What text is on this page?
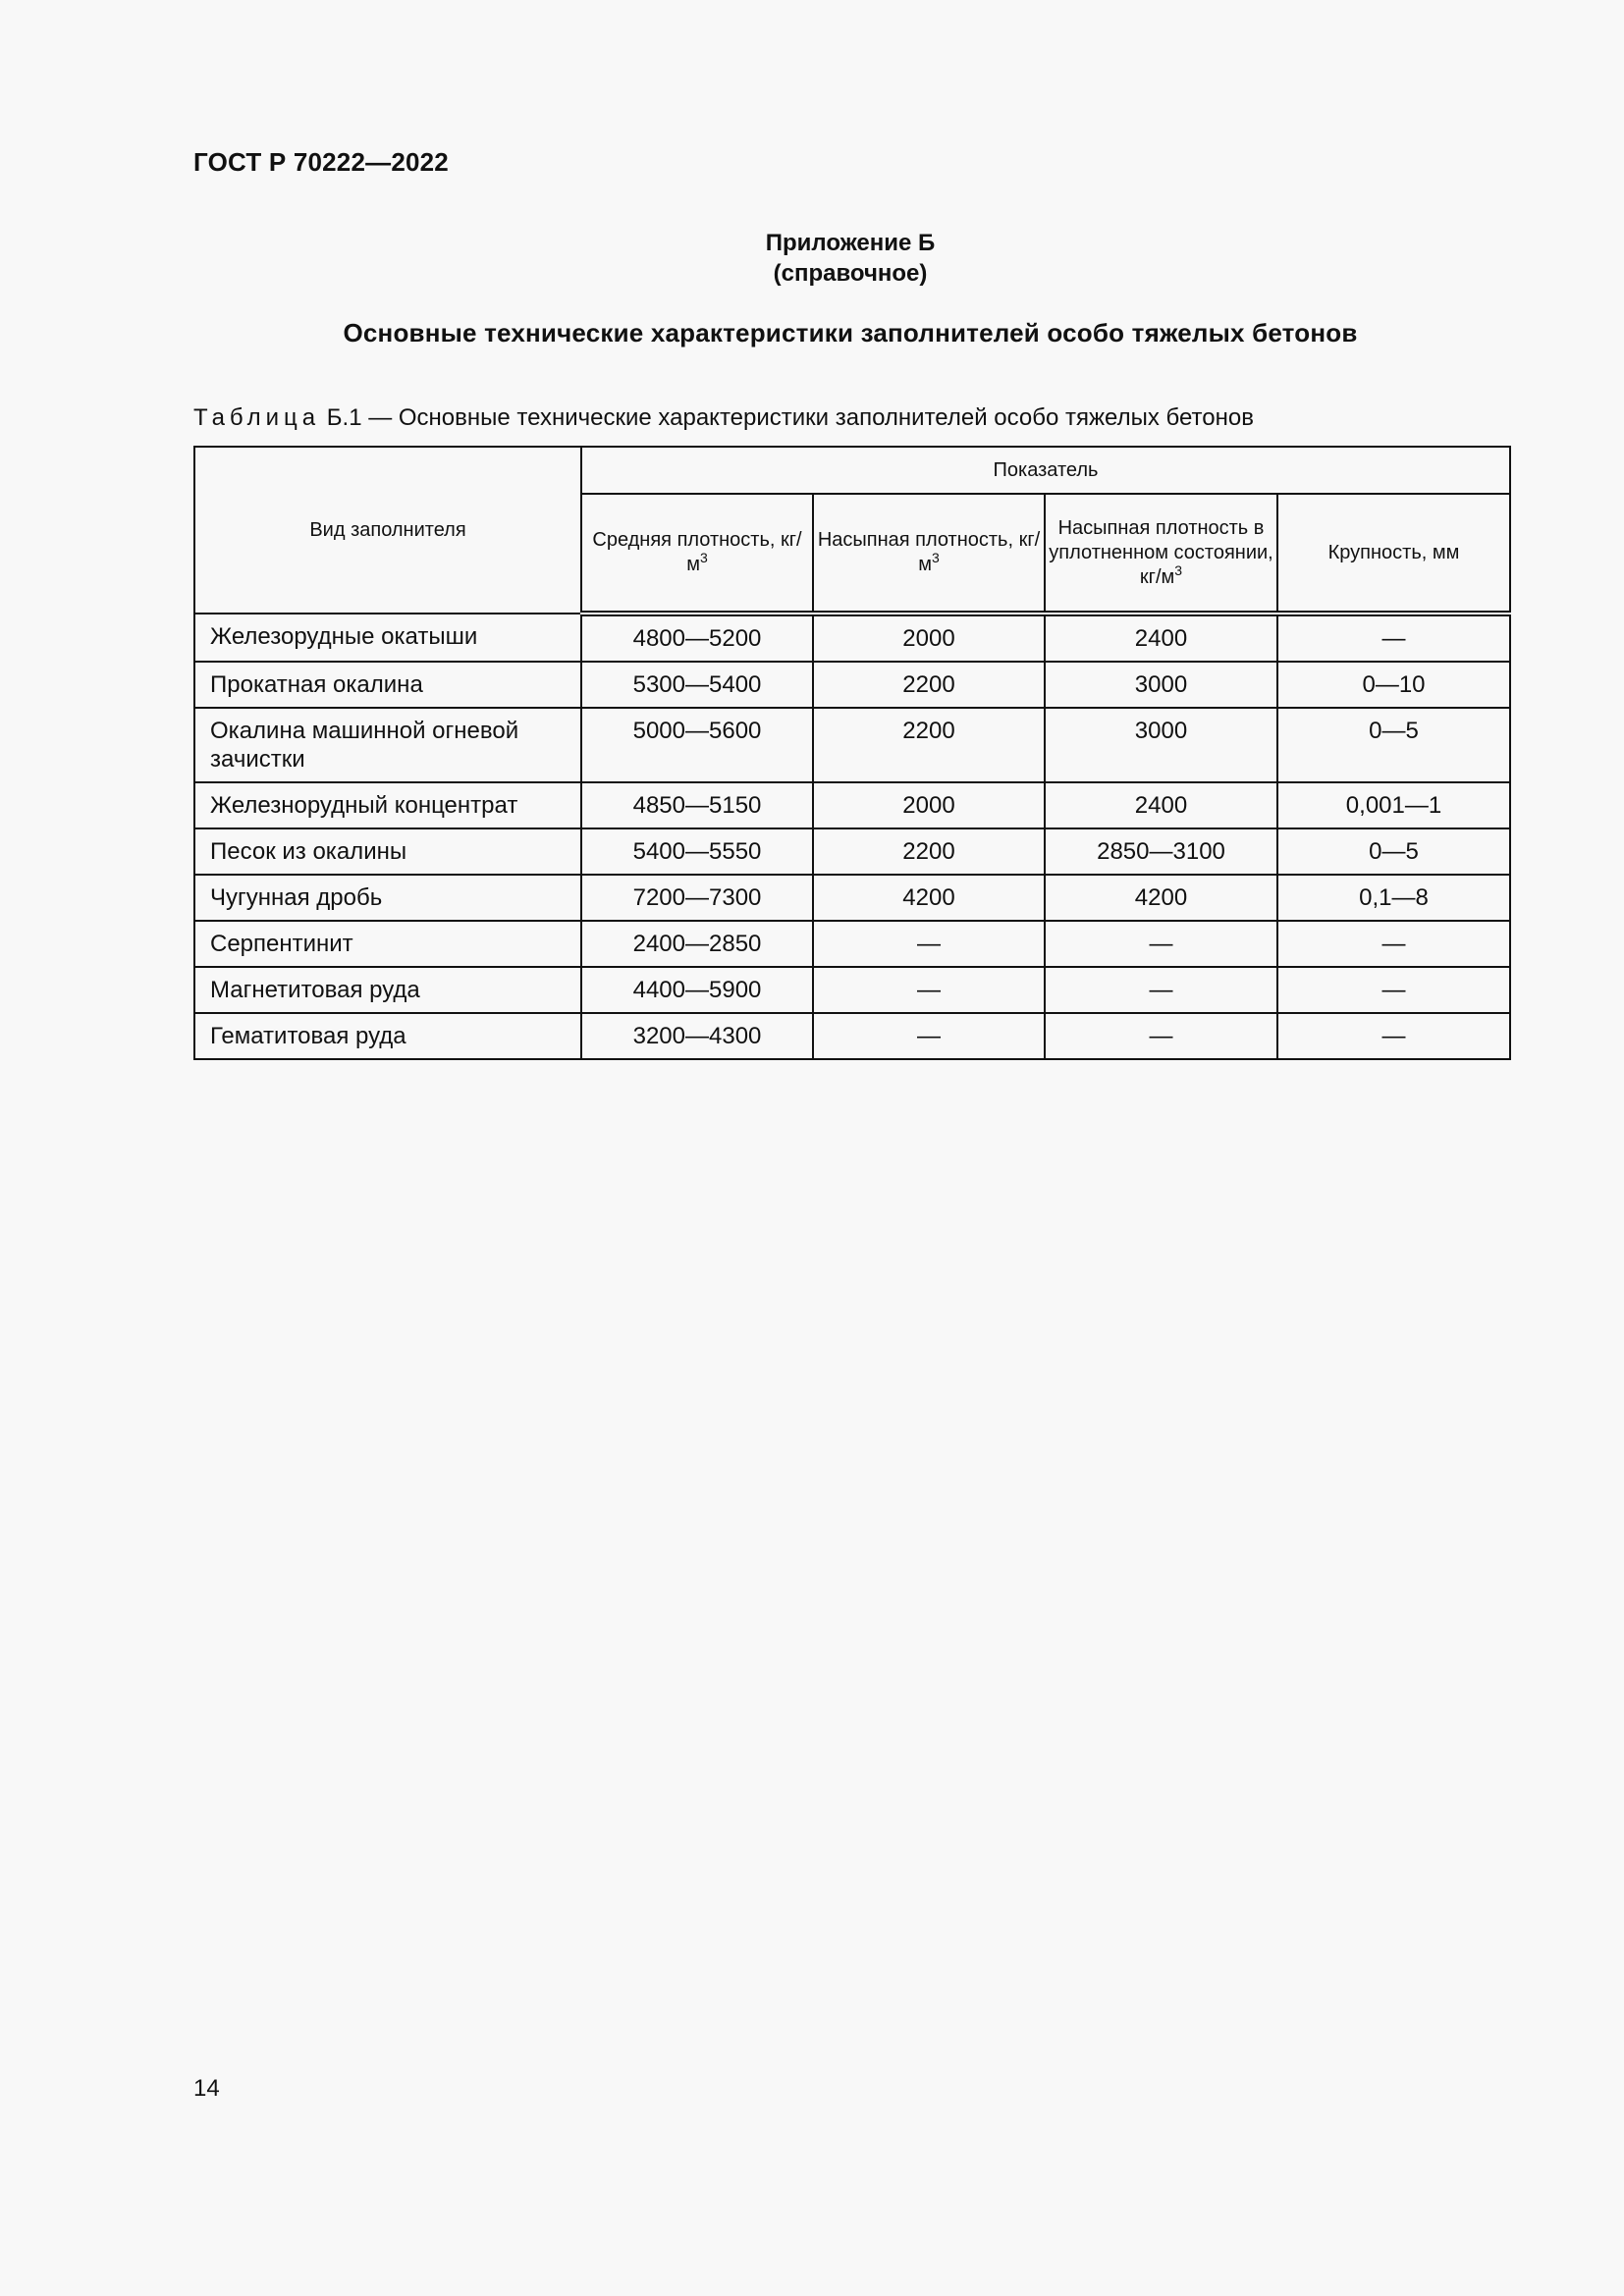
ГОСТ Р 70222—2022
Приложение Б
(справочное)
Основные технические характеристики заполнителей особо тяжелых бетонов
Таблица Б.1 — Основные технические характеристики заполнителей особо тяжелых бетонов
Вид заполнителя	Показатель			
	Средняя плотность, $кг/м^3$	Насыпная плотность, $кг/м^3$	Насыпная плотность в уплотненном состоянии, $кг/м^3$	Крупность, мм
Железорудные окатыши	4800—5200	2000	2400	—
Прокатная окалина	5300—5400	2200	3000	0—10
Окалина машинной огневой зачистки	5000—5600	2200	3000	0—5
Железнорудный концентрат	4850—5150	2000	2400	0,001—1
Песок из окалины	5400—5550	2200	2850—3100	0—5
Чугунная дробь	7200—7300	4200	4200	0,1—8
Серпентинит	2400—2850	—	—	—
Магнетитовая руда	4400—5900	—	—	—
Гематитовая руда	3200—4300	—	—	—
14
